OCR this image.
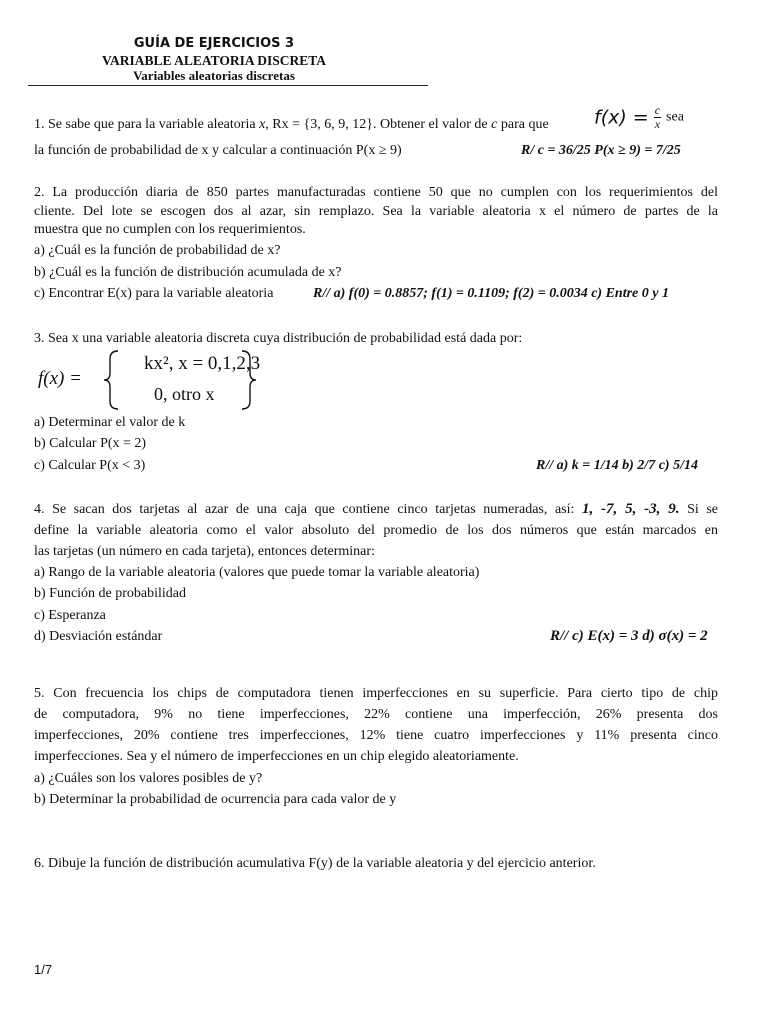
GUÍA DE EJERCICIOS 3
VARIABLE ALEATORIA DISCRETA
Variables aleatorias discretas
1. Se sabe que para la variable aleatoria x, Rx = {3, 6, 9, 12}. Obtener el valor de c para que $f(x) = \frac{c}{x}$ sea
la función de probabilidad de x y calcular a continuación P(x ≥ 9)	R/ c = 36/25 P(x ≥ 9) = 7/25
2. La producción diaria de 850 partes manufacturadas contiene 50 que no cumplen con los requerimientos del
cliente. Del lote se escogen dos al azar, sin remplazo. Sea la variable aleatoria x el número de partes de la
muestra que no cumplen con los requerimientos.
a) ¿Cuál es la función de probabilidad de x?
b) ¿Cuál es la función de distribución acumulada de x?
c) Encontrar E(x) para la variable aleatoria	R// a) f(0) = 0.8857; f(1) = 0.1109; f(2) = 0.0034 c) Entre 0 y 1
3. Sea x una variable aleatoria discreta cuya distribución de probabilidad está dada por:
f(x) =
kx², x = 0,1,2,3
0, otro x
a) Determinar el valor de k
b) Calcular P(x = 2)
c) Calcular P(x < 3)	R// a) k = 1/14 b) 2/7 c) 5/14
4. Se sacan dos tarjetas al azar de una caja que contiene cinco tarjetas numeradas, así: 1, -7, 5, -3, 9. Si se
define la variable aleatoria como el valor absoluto del promedio de los dos números que están marcados en
las tarjetas (un número en cada tarjeta), entonces determinar:
a) Rango de la variable aleatoria (valores que puede tomar la variable aleatoria)
b) Función de probabilidad
c) Esperanza
d) Desviación estándar	R// c) E(x) = 3 d) σ(x) = 2
5. Con frecuencia los chips de computadora tienen imperfecciones en su superficie. Para cierto tipo de chip
de computadora, 9% no tiene imperfecciones, 22% contiene una imperfección, 26% presenta dos
imperfecciones, 20% contiene tres imperfecciones, 12% tiene cuatro imperfecciones y 11% presenta cinco
imperfecciones. Sea y el número de imperfecciones en un chip elegido aleatoriamente.
a) ¿Cuáles son los valores posibles de y?
b) Determinar la probabilidad de ocurrencia para cada valor de y
6. Dibuje la función de distribución acumulativa F(y) de la variable aleatoria y del ejercicio anterior.
1/7
